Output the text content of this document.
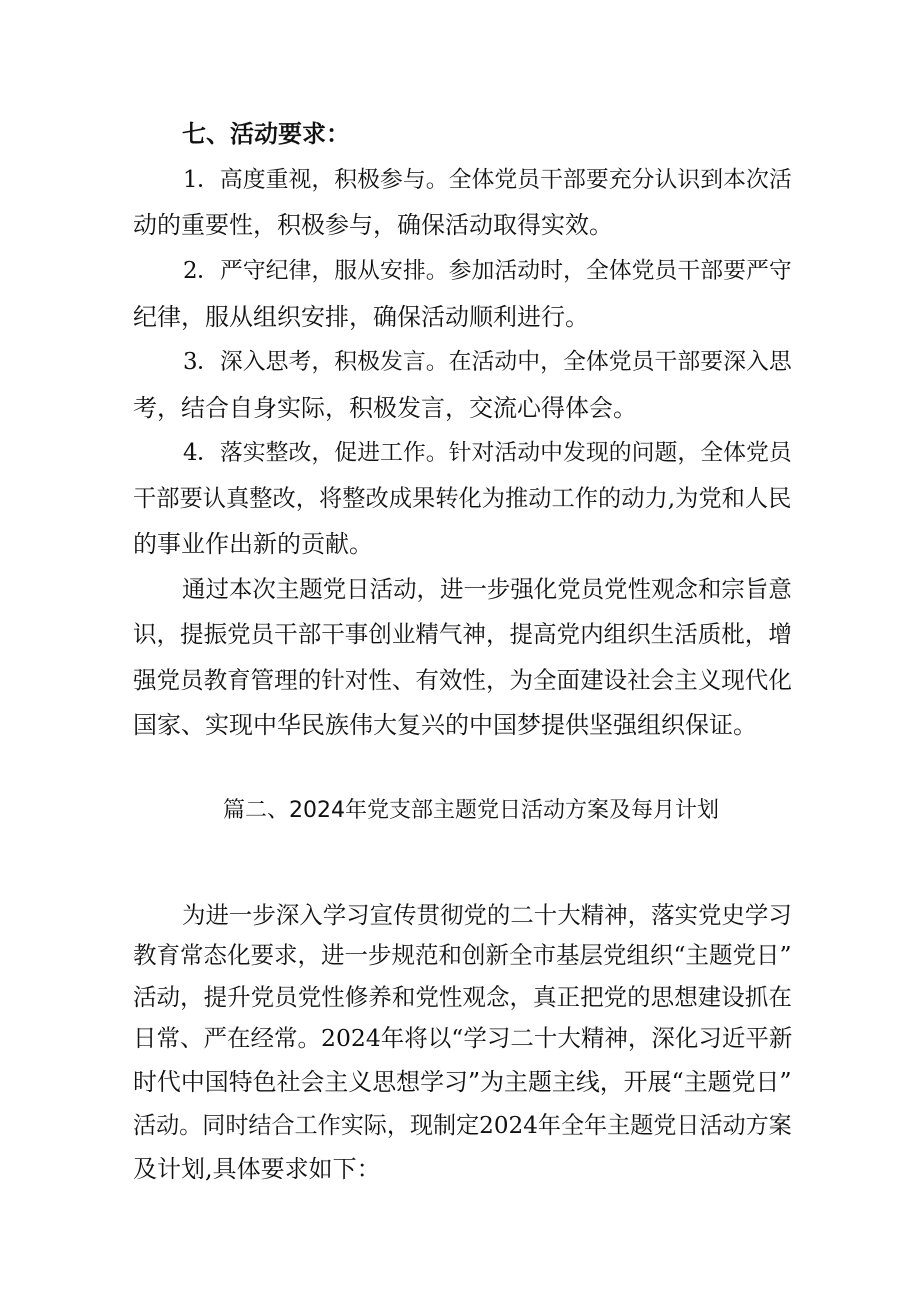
七、活动要求：
1 ．高度重视，积极参与。全体党员干部要充分认识到本次活
动的重要性，积极参与，确保活动取得实效。
2 ．严守纪律，服从安排。参加活动时，全体党员干部要严守
纪律，服从组织安排，确保活动顺利进行。
3 ．深入思考，积极发言。在活动中，全体党员干部要深入思
考，结合自身实际，积极发言，交流心得体会。
4 ．落实整改，促进工作。针对活动中发现的问题，全体党员
干部要认真整改，将整改成果转化为推动工作的动力,为党和人民
的事业作出新的贡献。
通过本次主题党日活动，进一步强化党员党性观念和宗旨意
识，提振党员干部干事创业精气神，提高党内组织生活质枇，增
强党员教育管理的针对性、有效性，为全面建设社会主义现代化
国家、实现中华民族伟大复兴的中国梦提供坚强组织保证。
篇二、2024年党支部主题党日活动方案及每月计划
为进一步深入学习宣传贯彻党的二十大精神，落实党史学习
教育常态化要求，进一步规范和创新全市基层党组织“主题党日”
活动，提升党员党性修养和党性观念，真正把党的思想建设抓在
日常、严在经常。2024年将以“学习二十大精神，深化习近平新
时代中国特色社会主义思想学习”为主题主线，开展“主题党日”
活动。同时结合工作实际，现制定2024年全年主题党日活动方案
及计划,具体要求如下：
